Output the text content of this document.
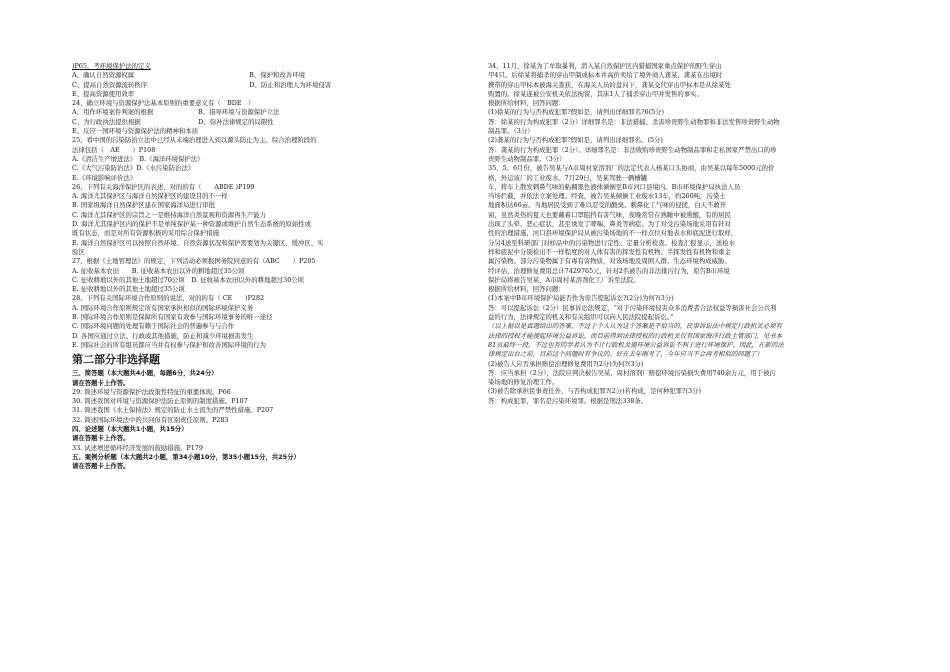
)P65，考环境保护法的定义
A、确认自然资源权属　　　　　　　　　　　　　　　　　　B、保护和改善环境
C、提高自然资源流转秩序　　　　　　　　　　　　　　　　D、防止和治理人为环境侵害
E、提高资源使用效率
24、确立环境与资源保护法基本原则的重要意义有（　BDE　）
A、用作环境案件判案的根据　　　　　　　B、指导环境与资源保护立法
C、为行政执法提供根据　　　　　　　　　D、弥补法律规定的局限性
E、反应一国环境与资源保护法的精神和本质
25、看中国的污染防治立法中已经从末端治理进入到以源头防止为主、综合治理阶段的
法律包括（　AE　　）P108
A.《清洁生产增进法》　B.《海洋环境保护法》
C.《大气污染防治法》D.《水污染防治法》
E.《环境影响评价法》
26、下列有关海洋保护区的表述，对的的有（　　ABDE )P199
A. 海洋尤其保护区与海洋自然保护区的建设目的不一样
B. 国家级海洋自然保护区建在国家海洋局进行审批
C. 海洋尤其保护区的宗旨之一是维持海洋自然景观和资源再生产能力
D. 海洋尤其保护区内的保护不是单纯保护某一种资源或维护自然生态系统的原始性或
既有状态，而是对所有资源积极的采用综合保护措施
E. 海洋自然保护区可以按照自然环境、自然资源状况和保护需要划为关键区、缓冲区、实
验区
27、根据《土地管理法》的规定，下列活动必须报国务院同意的有（ABC　　）P205
A. 征收基本农田　　B. 征收基本农田以外的耕地超过35公顷
C. 征收耕地以外的其他土地超过70公顷　D. 征收基本农田以外的耕地超过30公顷
E. 征收耕地以外的其他土地超过35公顷
28、下列有关国际环境合作原则的说法，对的的有（ CE　　)P282
A. 国际环境合作原则规定所有国家承担相似的国际环境保护义务
B. 国际环境合作原则是保障所有国家有效参与国际环境事务的唯一途径
C. 国际环境问题的处理有赖于国际社会的普遍参与与合作
D. 各国应通过立法、行政或其他措施，防止和减少环境损害发生
E. 国际社会的所有组员都应当并有权参与保护和改善国际环境的行为
第二部分非选择题
三、简答题（本大题共4小题，每题6分，共24分）
请在答题卡上作答。
29. 简述环境与资源保护法政策性特征的重要体现。P66
30. 简述我国对环境与资源保护法防止原则的制度措施。P107
31. 简述我国《水土保持法》规定的防止水土流失的严禁性措施。P207
32. 简述国际环境法中的共同但有区别责任原则。P283
四、论述题（本大题共1小题，共15分）
请在答题卡上作答。
33. 试述增进循环经济发展的鼓励措施。P179
五、案例分析题（本大题共2小题，第34小题10分，第35小题15分，共25分）
请在答题卡上作答。
34、11月，徐某为了牟取暴利，潜入某自然保护区内猎捕国家重点保护的野生穿山
甲4只。后徐某将捕杀的穿山甲制成标本并高价卖给了境外商人龚某，龚某在出境时
携带的穿山甲标本被海关查获，在海关人员的盘问下，龚某交代穿山甲标本是从徐某处
购置的。徐某遂被公安机关依法拘留，其床1人了捕杀穿山甲并发售的事实。
根据所给材料，回答问题：
(1)徐某的行为与否构成犯罪?假如是，请列出详细罪名?6(5分)
答：徐某的行为构成犯罪（2分）详细罪名是：非法猎捕、杀害珍贵野生动物罪和非法发售珍贵野生动物
制品罪。（3分）
(2)龚某的行为与否构成犯罪?假如是，请列出详细罪名。(5分)
答：龚某的行为构成犯罪（2分）。详细罪名是：非法收购珍贵野生动物制品罪和走私国家严禁出口的珍
贵野生动物制品罪。（3分）
35、5、6月份，被告吴某与A市周村家溶剂厂的法定代表人杨某口头协商，由吴某以每年5000元的价
格，外运该厂的工业废水。7月29日，吴某驾驶一辆槽罐
车，将车上散发刺鼻气味的粘稠黑色液体倾倒至B市河口县境内。B市环境保护局执法人员
当场拦截，并依法立案处理。经查，被告吴某倾倒工业废水13车，约260吨，污染土
地面积达66亩。当地居民受到了难以忍受的酸臭、刺鼻化工气味的侵扰，白天不敢开
窗，虽然炎热的夏天也要戴着口罩阻挡有害气味，夜晚常常在熟睡中被熏醒，有的居民
出现了头晕、恶心症状，甚至诱发了哮喘、鼻炎等病症。为了对受污染场地采用有针对
性的治理措施，河口县环境保护局从被污染场地的不一样点位对地表水和底泥进行取样，
分另4送至科研部门对样品中的污染物进行定性、定量分析检查。检查汇报显示，送检水
样和底泥中分别检出不一样程度的对人体有害的挥发性有机物、半挥发性有机物和重金
属污染物。部分污染物属于有毒有害物质，对该场地及周围人群、生态环境构成威胁。
经评估，治理修复费用总计7429765元，针对2名被告的非法排污行为，原告B市环境
保护局将被告吴某、A市周村某溶剂化工厂诉至法院。
根据所给材料，回答问题：
(1)本案中B市环境保护局能否作为原告提起诉讼?(2分)为何?(3分)
答：可以提起诉讼（2分）民事诉讼法规定，“对于污染环境侵害众多消费者合法权益等损害社会公共利
益的行为，法律规定的机关和有关组织可以向人民法院提起诉讼。”
（以上据以是真题给出的答案，不过于个人认为这个答案是不恰当的，民事诉讼法中规定行政机关必须有
法律的授权才能提起环境公益诉讼，而目前得到法律授权的行政机关仅有国家海洋行政主管部门，见书本
81页最终一段。不过也有的学者认为不让行政机关提环境公益诉讼不利于进行环境保护。因此，在新的法
律规定出台之前，目前这个问题时有争议的。好在去年刚考了，今年应当不会再考相似的问题了）
(2)被告人应否承担赔偿治理修复费用?(2分)为何?(3分)
答：应当承担（2分），法院应判决被告吴某，周村溶剂厂赔偿环境污染损失费用740余万元，用于被污
染场地的修复治理工作。
(3)被告除承担民事责任外，与否构成犯罪?(2分)若构成，是何种犯罪?(3分)
答：构成犯罪，罪名是污染环境罪。根据是刑法338条。
